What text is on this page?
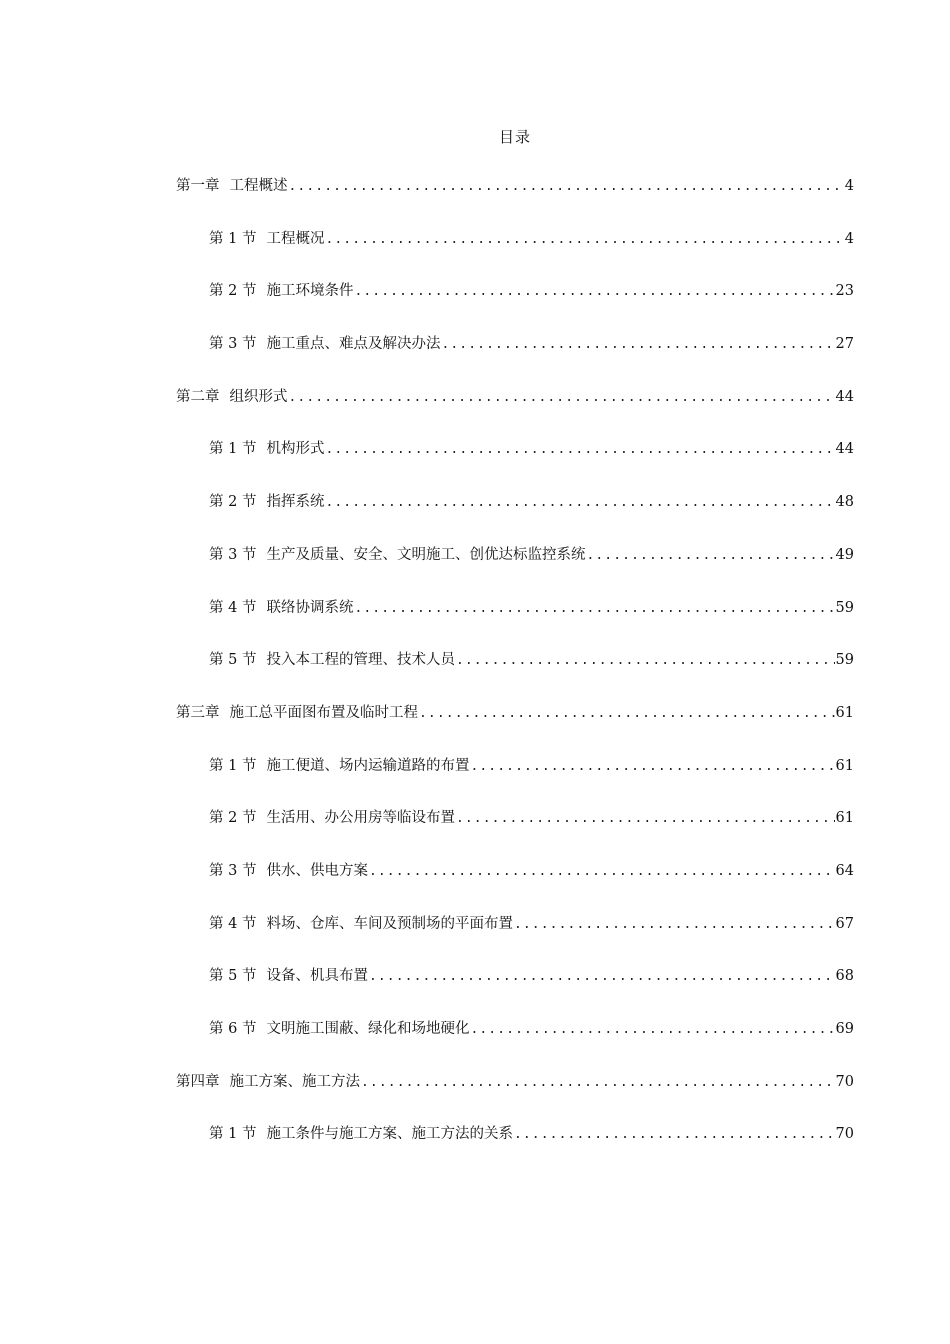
目录
第一章 工程概述 .....	4
第 1 节 工程概况 .....	4
第 2 节 施工环境条件 .....	23
第 3 节 施工重点、难点及解决办法 .....	27
第二章 组织形式 .....	44
第 1 节 机构形式 .....	44
第 2 节 指挥系统 .....	48
第 3 节 生产及质量、安全、文明施工、创优达标监控系统 .....	49
第 4 节 联络协调系统 .....	59
第 5 节 投入本工程的管理、技术人员 .....	59
第三章 施工总平面图布置及临时工程 .....	61
第 1 节 施工便道、场内运输道路的布置 .....	61
第 2 节 生活用、办公用房等临设布置 .....	61
第 3 节 供水、供电方案 .....	64
第 4 节 料场、仓库、车间及预制场的平面布置 .....	67
第 5 节 设备、机具布置 .....	68
第 6 节 文明施工围蔽、绿化和场地硬化 .....	69
第四章 施工方案、施工方法 .....	70
第 1 节 施工条件与施工方案、施工方法的关系 .....	70
